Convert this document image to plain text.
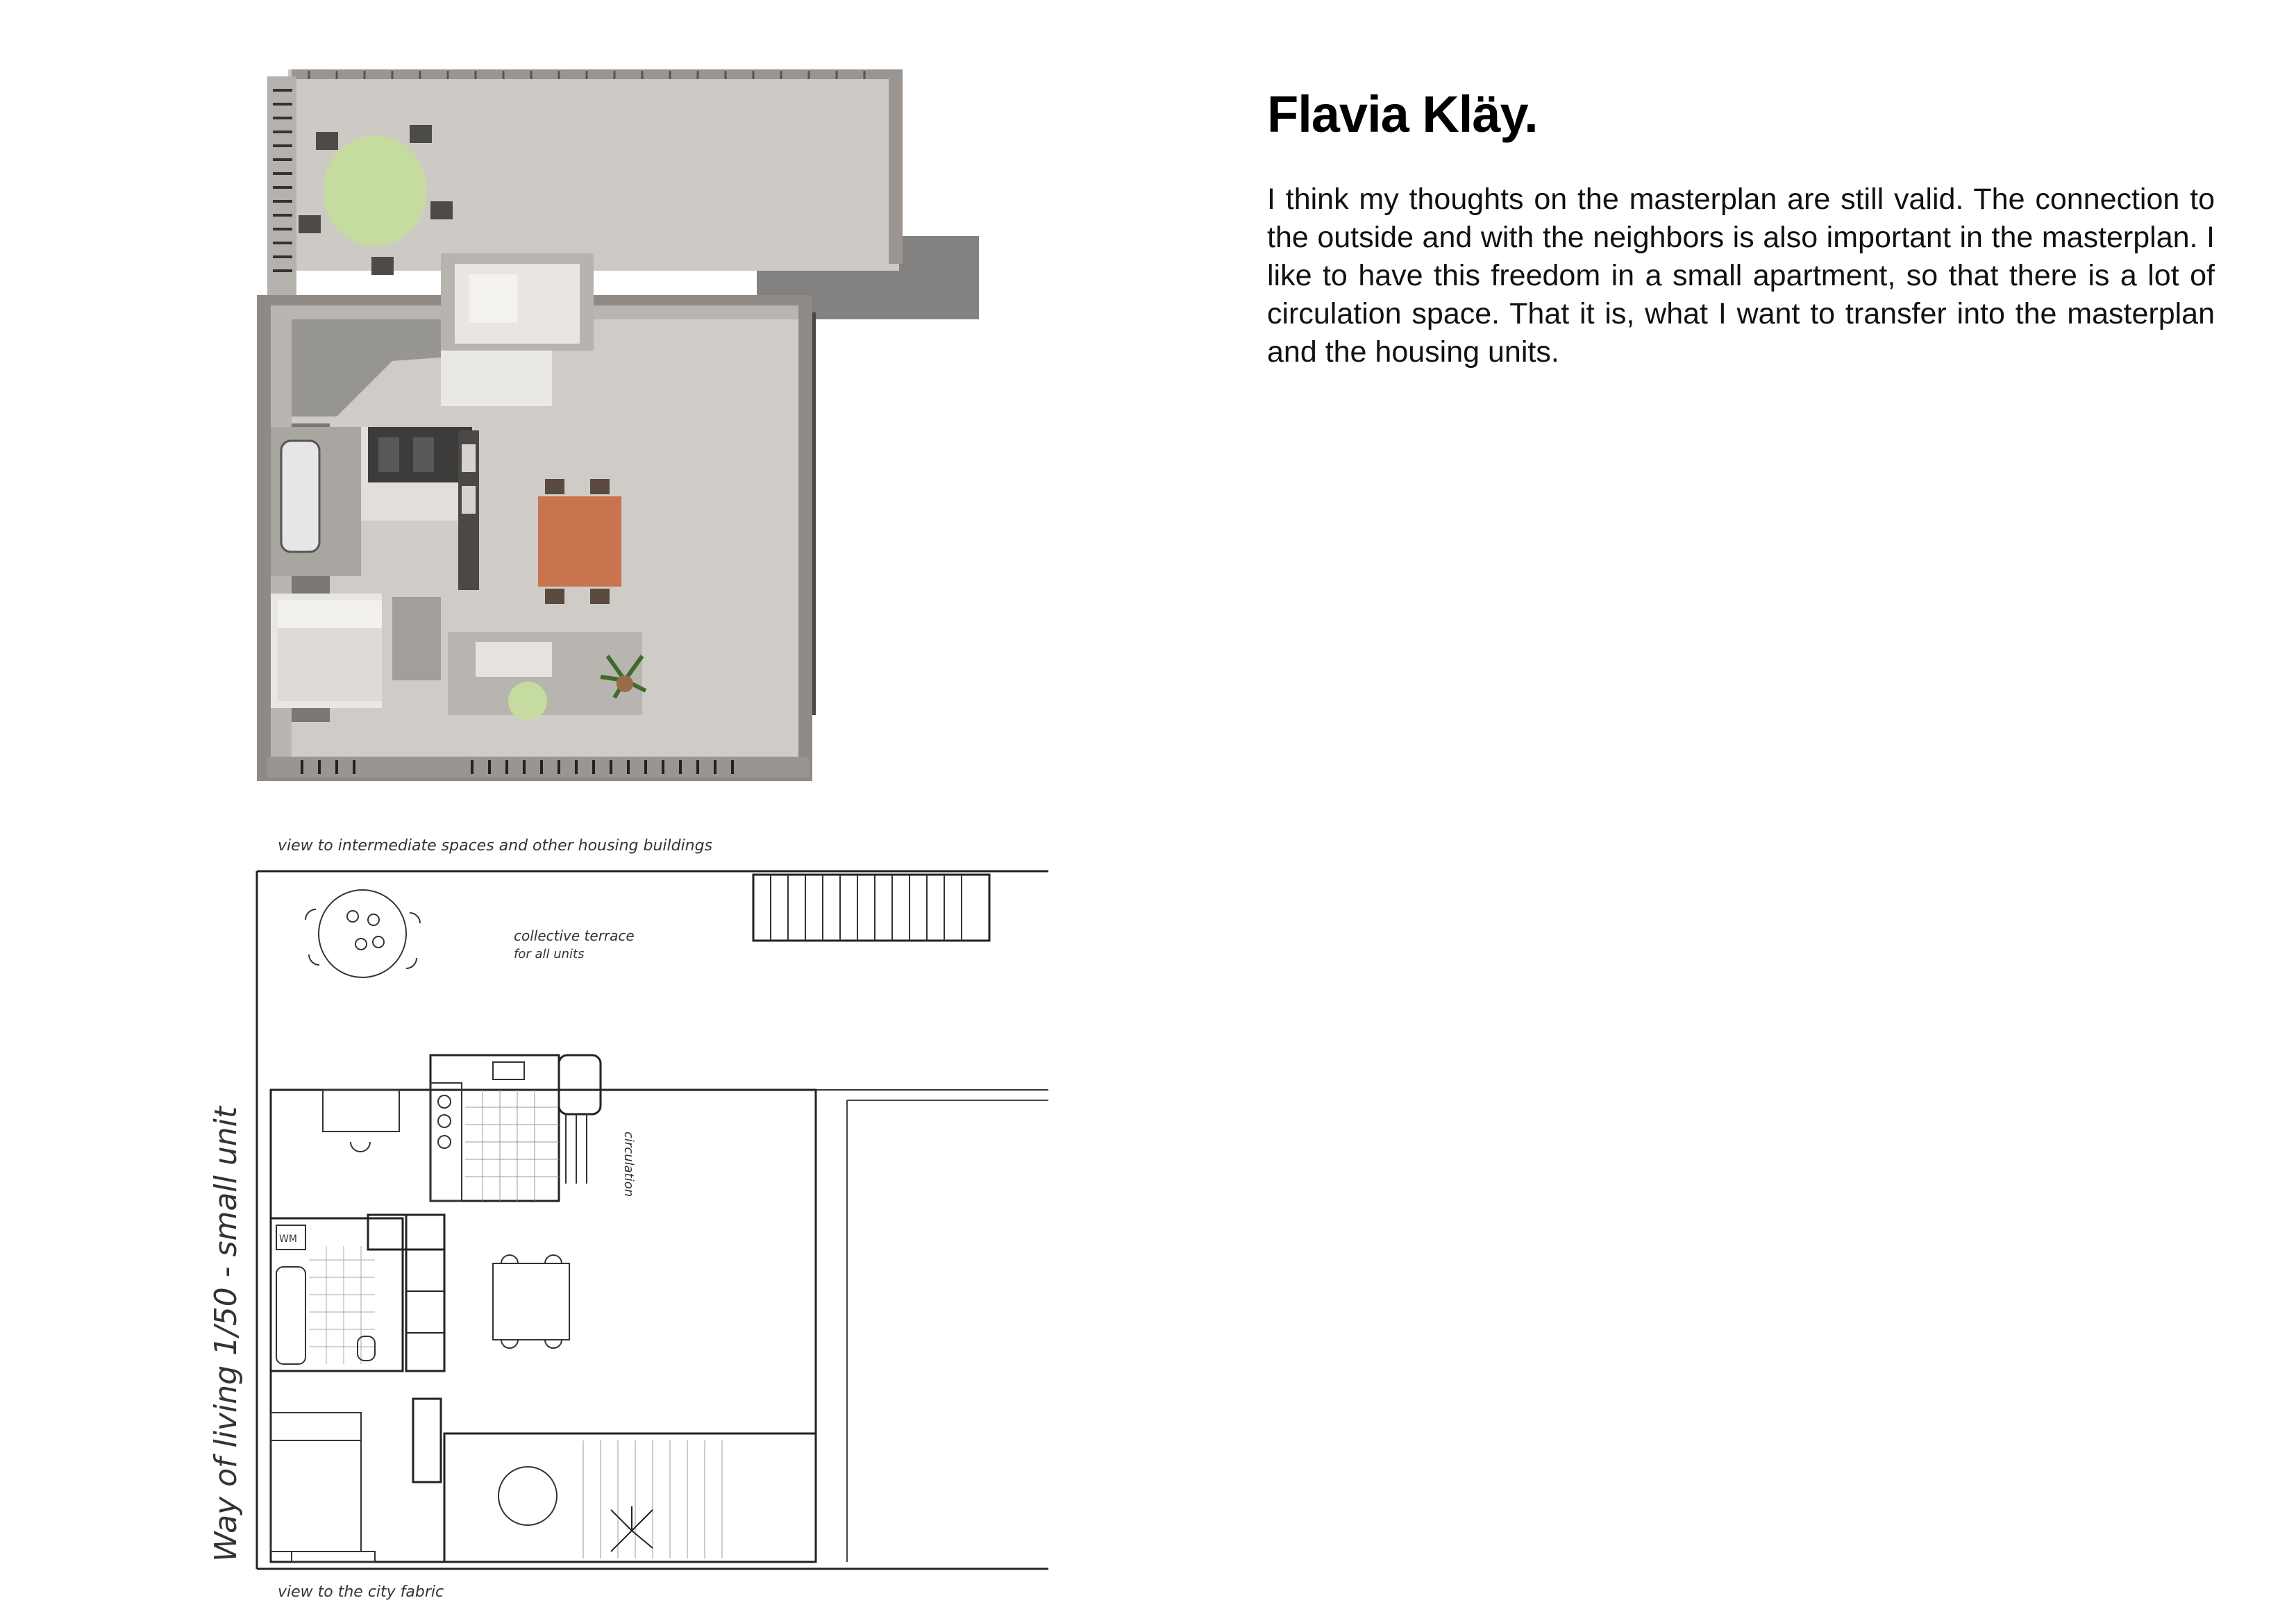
view to intermediate spaces and other housing buildings
collective terrace
for all units
circulation
WM
Way of living 1/50 - small unit
view to the city fabric
Flavia Kläy.

I think my thoughts on the masterplan are still valid. The connection to the outside and with the neighbors is also important in the masterplan. I like to have this freedom in a small apartment, so that there is a lot of circulation space. That it is, what I want to transfer into the masterplan and the housing units.
